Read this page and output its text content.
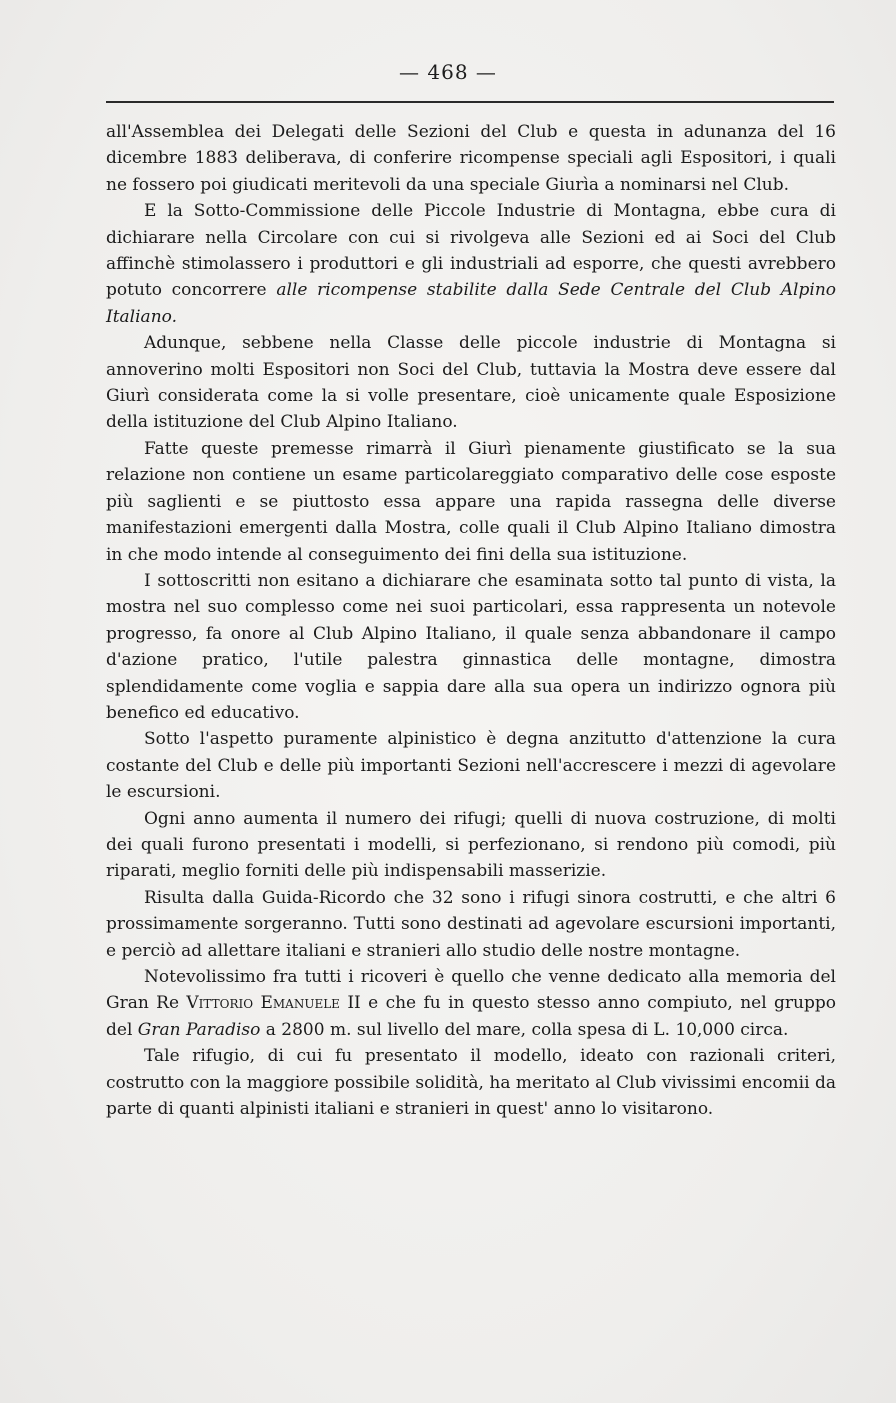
— 468 —

all'Assemblea dei Delegati delle Sezioni del Club e questa in adunanza del 16 dicembre 1883 deliberava, di conferire ricompense speciali agli Espositori, i quali ne fossero poi giudicati meritevoli da una speciale Giurìa a nominarsi nel Club.

E la Sotto-Commissione delle Piccole Industrie di Montagna, ebbe cura di dichiarare nella Circolare con cui si rivolgeva alle Sezioni ed ai Soci del Club affinchè stimolassero i produttori e gli industriali ad esporre, che questi avrebbero potuto concorrere alle ricompense stabilite dalla Sede Centrale del Club Alpino Italiano.

Adunque, sebbene nella Classe delle piccole industrie di Montagna si annoverino molti Espositori non Soci del Club, tuttavia la Mostra deve essere dal Giurì considerata come la si volle presentare, cioè unicamente quale Esposizione della istituzione del Club Alpino Italiano.

Fatte queste premesse rimarrà il Giurì pienamente giustificato se la sua relazione non contiene un esame particolareggiato comparativo delle cose esposte più saglienti e se piuttosto essa appare una rapida rassegna delle diverse manifestazioni emergenti dalla Mostra, colle quali il Club Alpino Italiano dimostra in che modo intende al conseguimento dei fini della sua istituzione.

I sottoscritti non esitano a dichiarare che esaminata sotto tal punto di vista, la mostra nel suo complesso come nei suoi particolari, essa rappresenta un notevole progresso, fa onore al Club Alpino Italiano, il quale senza abbandonare il campo d'azione pratico, l'utile palestra ginnastica delle montagne, dimostra splendidamente come voglia e sappia dare alla sua opera un indirizzo ognora più benefico ed educativo.

Sotto l'aspetto puramente alpinistico è degna anzitutto d'attenzione la cura costante del Club e delle più importanti Sezioni nell'accrescere i mezzi di agevolare le escursioni.

Ogni anno aumenta il numero dei rifugi; quelli di nuova costruzione, di molti dei quali furono presentati i modelli, si perfezionano, si rendono più comodi, più riparati, meglio forniti delle più indispensabili masserizie.

Risulta dalla Guida-Ricordo che 32 sono i rifugi sinora costrutti, e che altri 6 prossimamente sorgeranno. Tutti sono destinati ad agevolare escursioni importanti, e perciò ad allettare italiani e stranieri allo studio delle nostre montagne.

Notevolissimo fra tutti i ricoveri è quello che venne dedicato alla memoria del Gran Re Vittorio Emanuele II e che fu in questo stesso anno compiuto, nel gruppo del Gran Paradiso a 2800 m. sul livello del mare, colla spesa di L. 10,000 circa.

Tale rifugio, di cui fu presentato il modello, ideato con razionali criteri, costrutto con la maggiore possibile solidità, ha meritato al Club vivissimi encomii da parte di quanti alpinisti italiani e stranieri in quest' anno lo visitarono.
